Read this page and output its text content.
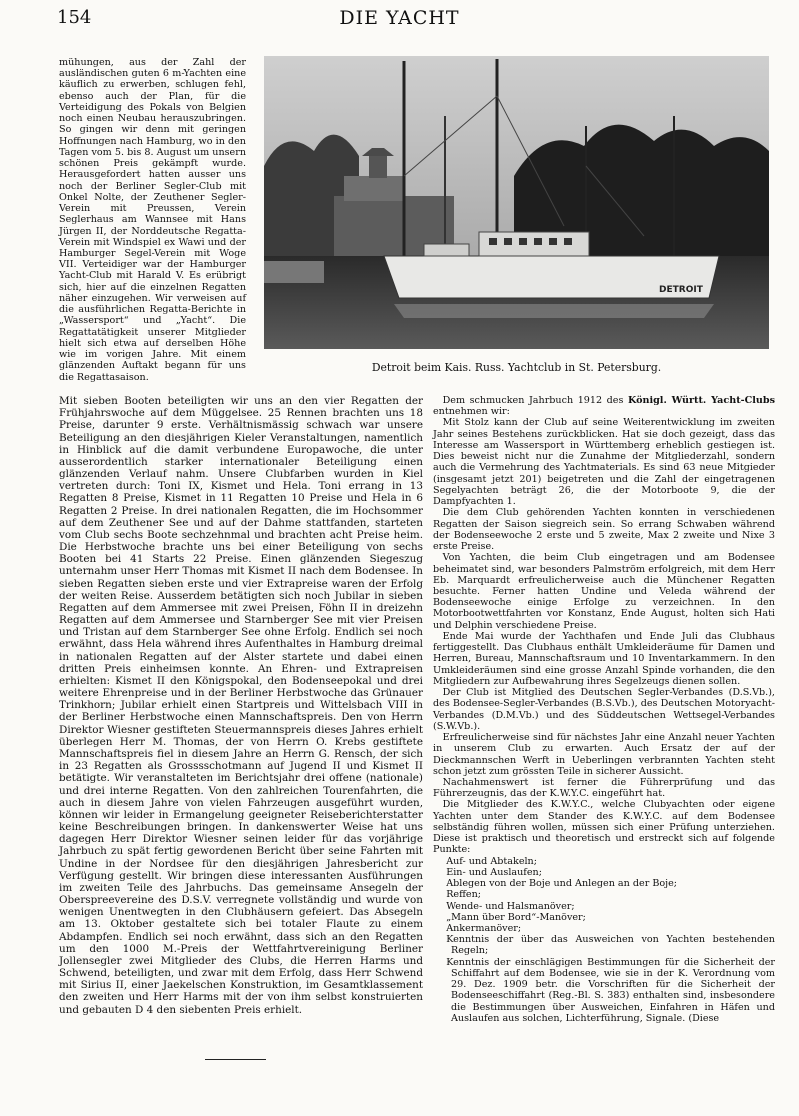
154	DIE YACHT

mühungen, aus der Zahl der ausländischen guten 6 m-Yachten eine käuflich zu erwerben, schlugen fehl, ebenso auch der Plan, für die Verteidigung des Pokals von Belgien noch einen Neubau herauszubringen. So gingen wir denn mit geringen Hoffnungen nach Hamburg, wo in den Tagen vom 5. bis 8. August um unsern schönen Preis gekämpft wurde. Herausgefordert hatten ausser uns noch der Berliner Segler-Club mit Onkel Nolte, der Zeuthener Segler-Verein mit Preussen, Verein Seglerhaus am Wannsee mit Hans Jürgen II, der Norddeutsche Regatta-Verein mit Windspiel ex Wawi und der Hamburger Segel-Verein mit Woge VII. Verteidiger war der Hamburger Yacht-Club mit Harald V. Es erübrigt sich, hier auf die einzelnen Regatten näher einzugehen. Wir verweisen auf die ausführlichen Regatta-Berichte in „Wassersport“ und „Yacht“. Die Regattatätigkeit unserer Mitglieder hielt sich etwa auf derselben Höhe wie im vorigen Jahre. Mit einem glänzenden Auftakt begann für uns die Regattasaison.

DETROIT
Detroit beim Kais. Russ. Yachtclub in St. Petersburg.

Mit sieben Booten beteiligten wir uns an den vier Regatten der Frühjahrswoche auf dem Müggelsee. 25 Rennen brachten uns 18 Preise, darunter 9 erste. Verhältnismässig schwach war unsere Beteiligung an den diesjährigen Kieler Veranstaltungen, namentlich in Hinblick auf die damit verbundene Europawoche, die unter ausserordentlich starker internationaler Beteiligung einen glänzenden Verlauf nahm. Unsere Clubfarben wurden in Kiel vertreten durch: Toni IX, Kismet und Hela. Toni errang in 13 Regatten 8 Preise, Kismet in 11 Regatten 10 Preise und Hela in 6 Regatten 2 Preise. In drei nationalen Regatten, die im Hochsommer auf dem Zeuthener See und auf der Dahme stattfanden, starteten vom Club sechs Boote sechzehnmal und brachten acht Preise heim. Die Herbstwoche brachte uns bei einer Beteiligung von sechs Booten bei 41 Starts 22 Preise. Einen glänzenden Siegeszug unternahm unser Herr Thomas mit Kismet II nach dem Bodensee. In sieben Regatten sieben erste und vier Extrapreise waren der Erfolg der weiten Reise. Ausserdem betätigten sich noch Jubilar in sieben Regatten auf dem Ammersee mit zwei Preisen, Föhn II in dreizehn Regatten auf dem Ammersee und Starnberger See mit vier Preisen und Tristan auf dem Starnberger See ohne Erfolg. Endlich sei noch erwähnt, dass Hela während ihres Aufenthaltes in Hamburg dreimal in nationalen Regatten auf der Alster startete und dabei einen dritten Preis einheimsen konnte. An Ehren- und Extrapreisen erhielten: Kismet II den Königspokal, den Bodenseepokal und drei weitere Ehrenpreise und in der Berliner Herbstwoche das Grünauer Trinkhorn; Jubilar erhielt einen Startpreis und Wittelsbach VIII in der Berliner Herbstwoche einen Mannschaftspreis. Den von Herrn Direktor Wiesner gestifteten Steuermannspreis dieses Jahres erhielt überlegen Herr M. Thomas, der von Herrn O. Krebs gestiftete Mannschaftspreis fiel in diesem Jahre an Herrn G. Rensch, der sich in 23 Regatten als Grosssschotmann auf Jugend II und Kismet II betätigte. Wir veranstalteten im Berichtsjahr drei offene (nationale) und drei interne Regatten. Von den zahlreichen Tourenfahrten, die auch in diesem Jahre von vielen Fahrzeugen ausgeführt wurden, können wir leider in Ermangelung geeigneter Reiseberichterstatter keine Beschreibungen bringen. In dankenswerter Weise hat uns dagegen Herr Direktor Wiesner seinen leider für das vorjährige Jahrbuch zu spät fertig gewordenen Bericht über seine Fahrten mit Undine in der Nordsee für den diesjährigen Jahresbericht zur Verfügung gestellt. Wir bringen diese interessanten Ausführungen im zweiten Teile des Jahrbuchs. Das gemeinsame Ansegeln der Oberspreevereine des D.S.V. verregnete vollständig und wurde von wenigen Unentwegten in den Clubhäusern gefeiert. Das Absegeln am 13. Oktober gestaltete sich bei totaler Flaute zu einem Abdampfen. Endlich sei noch erwähnt, dass sich an den Regatten um den 1000 M.-Preis der Wettfahrtvereinigung Berliner Jollensegler zwei Mitglieder des Clubs, die Herren Harms und Schwend, beteiligten, und zwar mit dem Erfolg, dass Herr Schwend mit Sirius II, einer Jaekelschen Konstruktion, im Gesamtklassement den zweiten und Herr Harms mit der von ihm selbst konstruierten und gebauten D 4 den siebenten Preis erhielt.

Dem schmucken Jahrbuch 1912 des Königl. Württ. Yacht-Clubs entnehmen wir:

Mit Stolz kann der Club auf seine Weiterentwicklung im zweiten Jahr seines Bestehens zurückblicken. Hat sie doch gezeigt, dass das Interesse am Wassersport in Württemberg erheblich gestiegen ist. Dies beweist nicht nur die Zunahme der Mitgliederzahl, sondern auch die Vermehrung des Yachtmaterials. Es sind 63 neue Mitgieder (insgesamt jetzt 201) beigetreten und die Zahl der eingetragenen Segelyachten beträgt 26, die der Motorboote 9, die der Dampfyachten 1.

Die dem Club gehörenden Yachten konnten in verschiedenen Regatten der Saison siegreich sein. So errang Schwaben während der Bodenseewoche 2 erste und 5 zweite, Max 2 zweite und Nixe 3 erste Preise.

Von Yachten, die beim Club eingetragen und am Bodensee beheimatet sind, war besonders Palmström erfolgreich, mit dem Herr Eb. Marquardt erfreulicherweise auch die Münchener Regatten besuchte. Ferner hatten Undine und Veleda während der Bodenseewoche einige Erfolge zu verzeichnen. In den Motorbootwettfahrten vor Konstanz, Ende August, holten sich Hati und Delphin verschiedene Preise.

Ende Mai wurde der Yachthafen und Ende Juli das Clubhaus fertiggestellt. Das Clubhaus enthält Umkleideräume für Damen und Herren, Bureau, Mannschaftsraum und 10 Inventarkammern. In den Umkleideräumen sind eine grosse Anzahl Spinde vorhanden, die den Mitgliedern zur Aufbewahrung ihres Segelzeugs dienen sollen.

Der Club ist Mitglied des Deutschen Segler-Verbandes (D.S.Vb.), des Bodensee-Segler-Verbandes (B.S.Vb.), des Deutschen Motoryacht-Verbandes (D.M.Vb.) und des Süddeutschen Wettsegel-Verbandes (S.W.Vb.).

Erfreulicherweise sind für nächstes Jahr eine Anzahl neuer Yachten in unserem Club zu erwarten. Auch Ersatz der auf der Dieckmannschen Werft in Ueberlingen verbrannten Yachten steht schon jetzt zum grössten Teile in sicherer Aussicht.

Nachahmenswert ist ferner die Führerprüfung und das Führerzeugnis, das der K.W.Y.C. eingeführt hat.

Die Mitglieder des K.W.Y.C., welche Clubyachten oder eigene Yachten unter dem Stander des K.W.Y.C. auf dem Bodensee selbständig führen wollen, müssen sich einer Prüfung unterziehen. Diese ist praktisch und theoretisch und erstreckt sich auf folgende Punkte:

Auf- und Abtakeln;
Ein- und Auslaufen;
Ablegen von der Boje und Anlegen an der Boje;
Reffen;
Wende- und Halsmanöver;
„Mann über Bord“-Manöver;
Ankermanöver;
Kenntnis der über das Ausweichen von Yachten bestehenden Regeln;
Kenntnis der einschlägigen Bestimmungen für die Sicherheit der Schiffahrt auf dem Bodensee, wie sie in der K. Verordnung vom 29. Dez. 1909 betr. die Vorschriften für die Sicherheit der Bodenseeschiffahrt (Reg.-Bl. S. 383) enthalten sind, insbesondere die Bestimmungen über Ausweichen, Einfahren in Häfen und Auslaufen aus solchen, Lichterführung, Signale. (Diese
